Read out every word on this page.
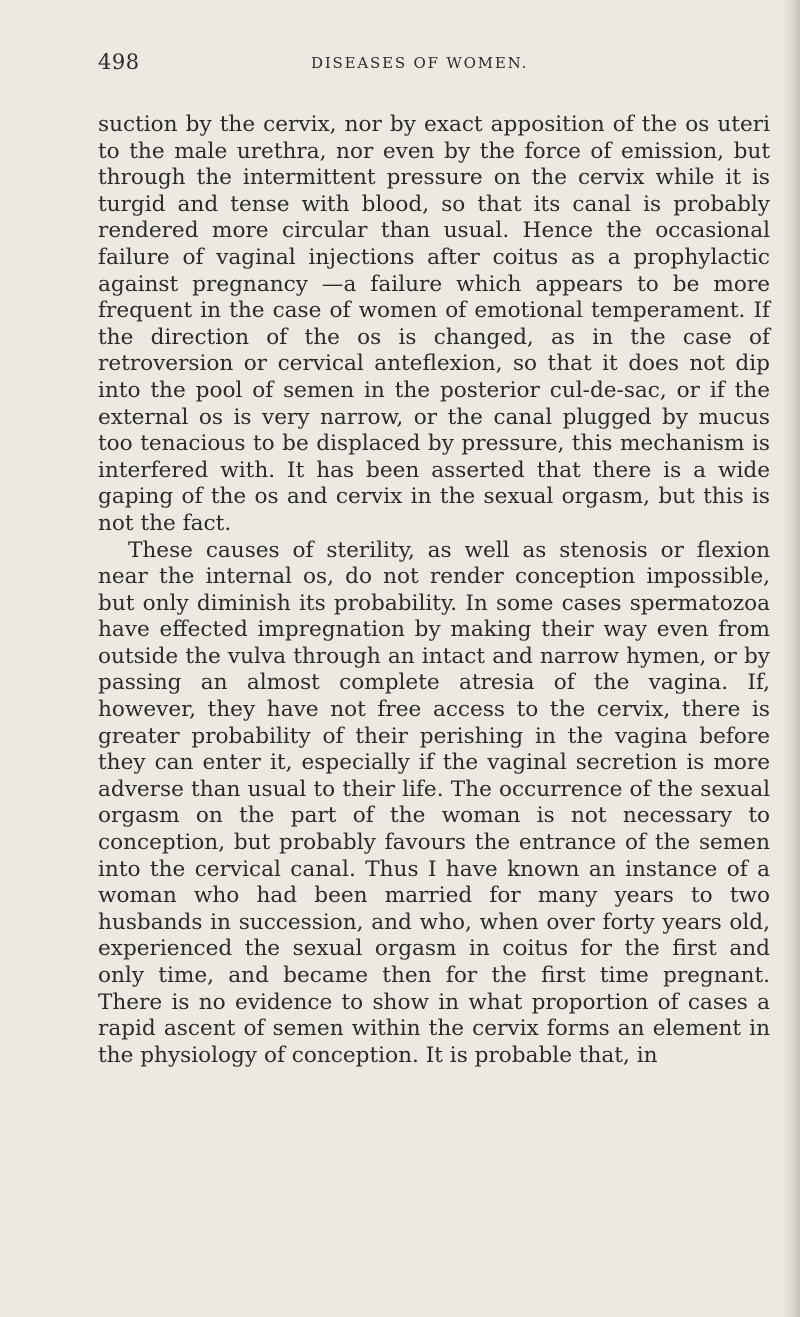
498	DISEASES OF WOMEN.

suction by the cervix, nor by exact apposition of the os uteri to the male urethra, nor even by the force of emission, but through the intermittent pressure on the cervix while it is turgid and tense with blood, so that its canal is probably rendered more circular than usual. Hence the occasional failure of vaginal injections after coitus as a prophylactic against pregnancy —a failure which appears to be more frequent in the case of women of emotional temperament. If the direction of the os is changed, as in the case of retroversion or cervical anteflexion, so that it does not dip into the pool of semen in the posterior cul-de-sac, or if the external os is very narrow, or the canal plugged by mucus too tenacious to be displaced by pressure, this mechanism is interfered with. It has been asserted that there is a wide gaping of the os and cervix in the sexual orgasm, but this is not the fact.

These causes of sterility, as well as stenosis or flexion near the internal os, do not render conception impossible, but only diminish its probability. In some cases spermatozoa have effected impregnation by making their way even from outside the vulva through an intact and narrow hymen, or by passing an almost complete atresia of the vagina. If, however, they have not free access to the cervix, there is greater probability of their perishing in the vagina before they can enter it, especially if the vaginal secretion is more adverse than usual to their life. The occurrence of the sexual orgasm on the part of the woman is not necessary to conception, but probably favours the entrance of the semen into the cervical canal. Thus I have known an instance of a woman who had been married for many years to two husbands in succession, and who, when over forty years old, experienced the sexual orgasm in coitus for the first and only time, and became then for the first time pregnant. There is no evidence to show in what proportion of cases a rapid ascent of semen within the cervix forms an element in the physiology of conception. It is probable that, in
